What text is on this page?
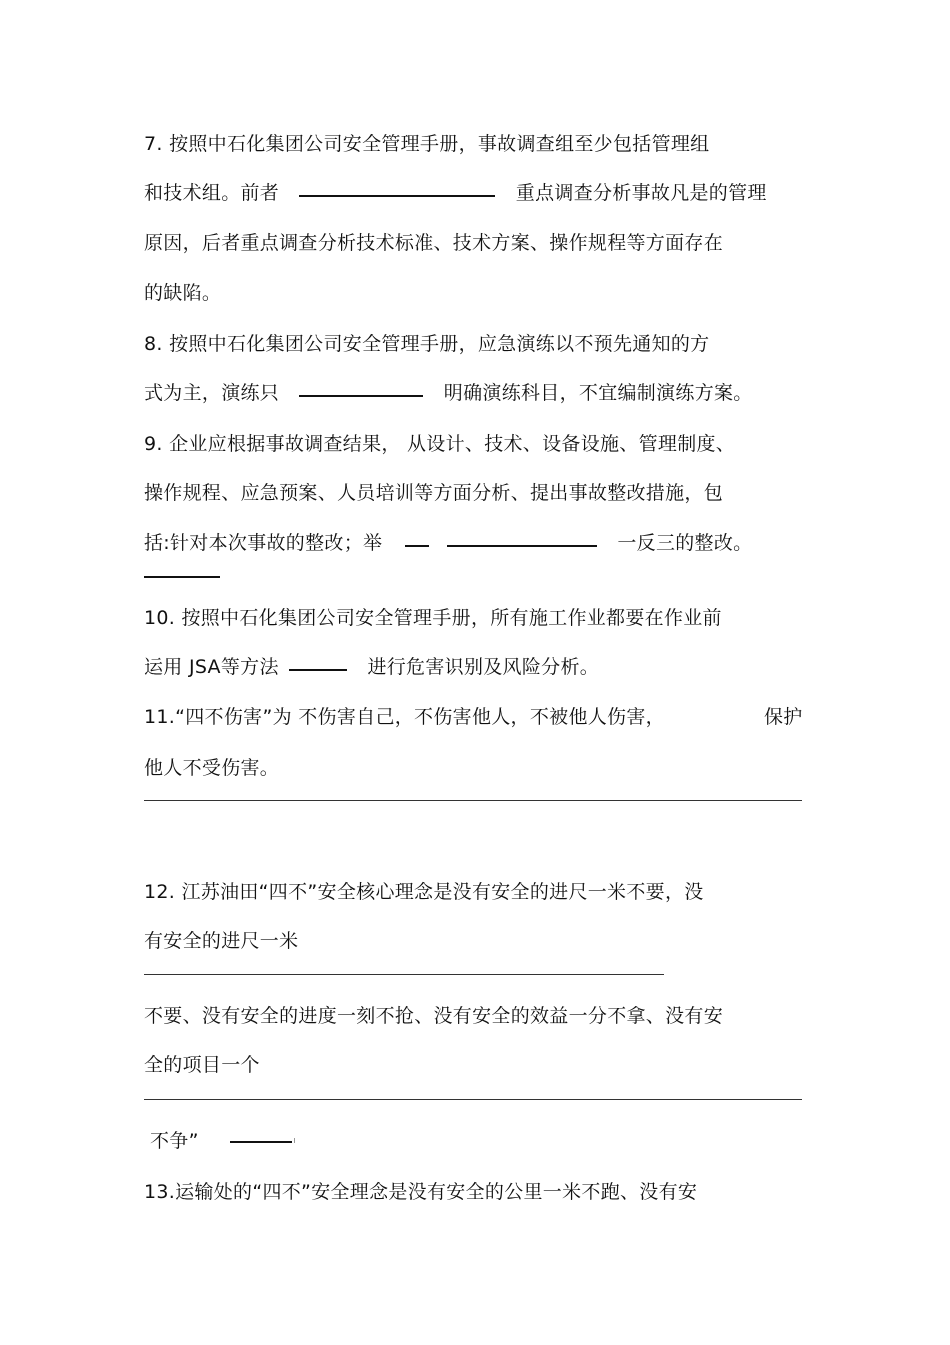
7. 按照中石化集团公司安全管理手册，事故调查组至少包括管理组
和技术组。前者	重点调查分析事故凡是的管理
原因，后者重点调查分析技术标准、技术方案、操作规程等方面存在
的缺陷。
8. 按照中石化集团公司安全管理手册，应急演练以不预先通知的方
式为主，演练只	明确演练科目，不宜编制演练方案。
9. 企业应根据事故调查结果， 从设计、技术、设备设施、管理制度、
操作规程、应急预案、人员培训等方面分析、提出事故整改措施，包
括:针对本次事故的整改；举	一反三的整改。
10. 按照中石化集团公司安全管理手册，所有施工作业都要在作业前
运用 JSA等方法	进行危害识别及风险分析。
11.“四不伤害”为 不伤害自己，不伤害他人，不被他人伤害，	保护
他人不受伤害。
12. 江苏油田“四不”安全核心理念是没有安全的进尺一米不要，没
有安全的进尺一米
不要、没有安全的进度一刻不抢、没有安全的效益一分不拿、没有安
全的项目一个
不争”
13.运输处的“四不”安全理念是没有安全的公里一米不跑、没有安
